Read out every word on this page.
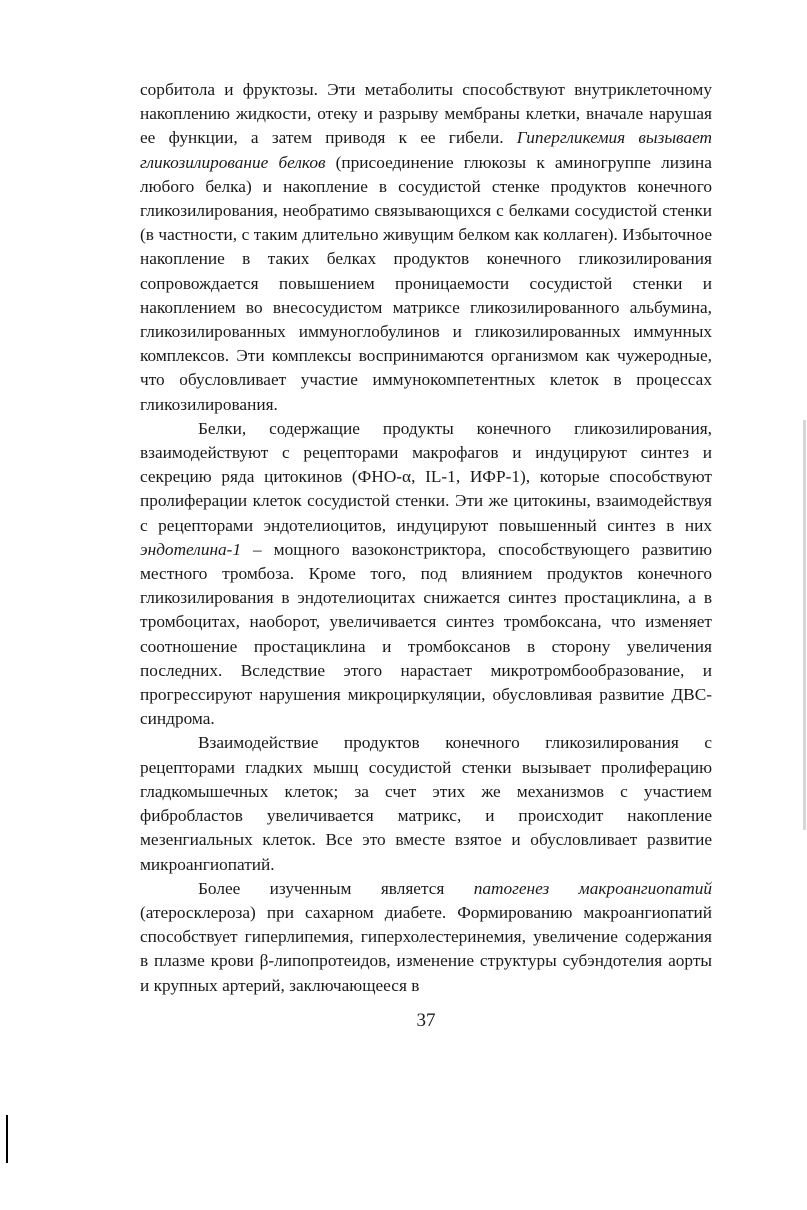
сорбитола и фруктозы. Эти метаболиты способствуют внутриклеточному накоплению жидкости, отеку и разрыву мембраны клетки, вначале нарушая ее функции, а затем приводя к ее гибели. Гипергликемия вызывает гликозилирование белков (присоединение глюкозы к аминогруппе лизина любого белка) и накопление в сосудистой стенке продуктов конечного гликозилирования, необратимо связывающихся с белками сосудистой стенки (в частности, с таким длительно живущим белком как коллаген). Избыточное накопление в таких белках продуктов конечного гликозилирования сопровождается повышением проницаемости сосудистой стенки и накоплением во внесосудистом матриксе гликозилированного альбумина, гликозилированных иммуноглобулинов и гликозилированных иммунных комплексов. Эти комплексы воспринимаются организмом как чужеродные, что обусловливает участие иммунокомпетентных клеток в процессах гликозилирования.

Белки, содержащие продукты конечного гликозилирования, взаимодействуют с рецепторами макрофагов и индуцируют синтез и секрецию ряда цитокинов (ФНО-α, IL-1, ИФР-1), которые способствуют пролиферации клеток сосудистой стенки. Эти же цитокины, взаимодействуя с рецепторами эндотелиоцитов, индуцируют повышенный синтез в них эндотелина-1 – мощного вазоконстриктора, способствующего развитию местного тромбоза. Кроме того, под влиянием продуктов конечного гликозилирования в эндотелиоцитах снижается синтез простациклина, а в тромбоцитах, наоборот, увеличивается синтез тромбоксана, что изменяет соотношение простациклина и тромбоксанов в сторону увеличения последних. Вследствие этого нарастает микротромбообразование, и прогрессируют нарушения микроциркуляции, обусловливая развитие ДВС-синдрома.

Взаимодействие продуктов конечного гликозилирования с рецепторами гладких мышц сосудистой стенки вызывает пролиферацию гладкомышечных клеток; за счет этих же механизмов с участием фибробластов увеличивается матрикс, и происходит накопление мезенгиальных клеток. Все это вместе взятое и обусловливает развитие микроангиопатий.

Более изученным является патогенез макроангиопатий (атеросклероза) при сахарном диабете. Формированию макроангиопатий способствует гиперлипемия, гиперхолестеринемия, увеличение содержания в плазме крови β-липопротеидов, изменение структуры субэндотелия аорты и крупных артерий, заключающееся в

37
